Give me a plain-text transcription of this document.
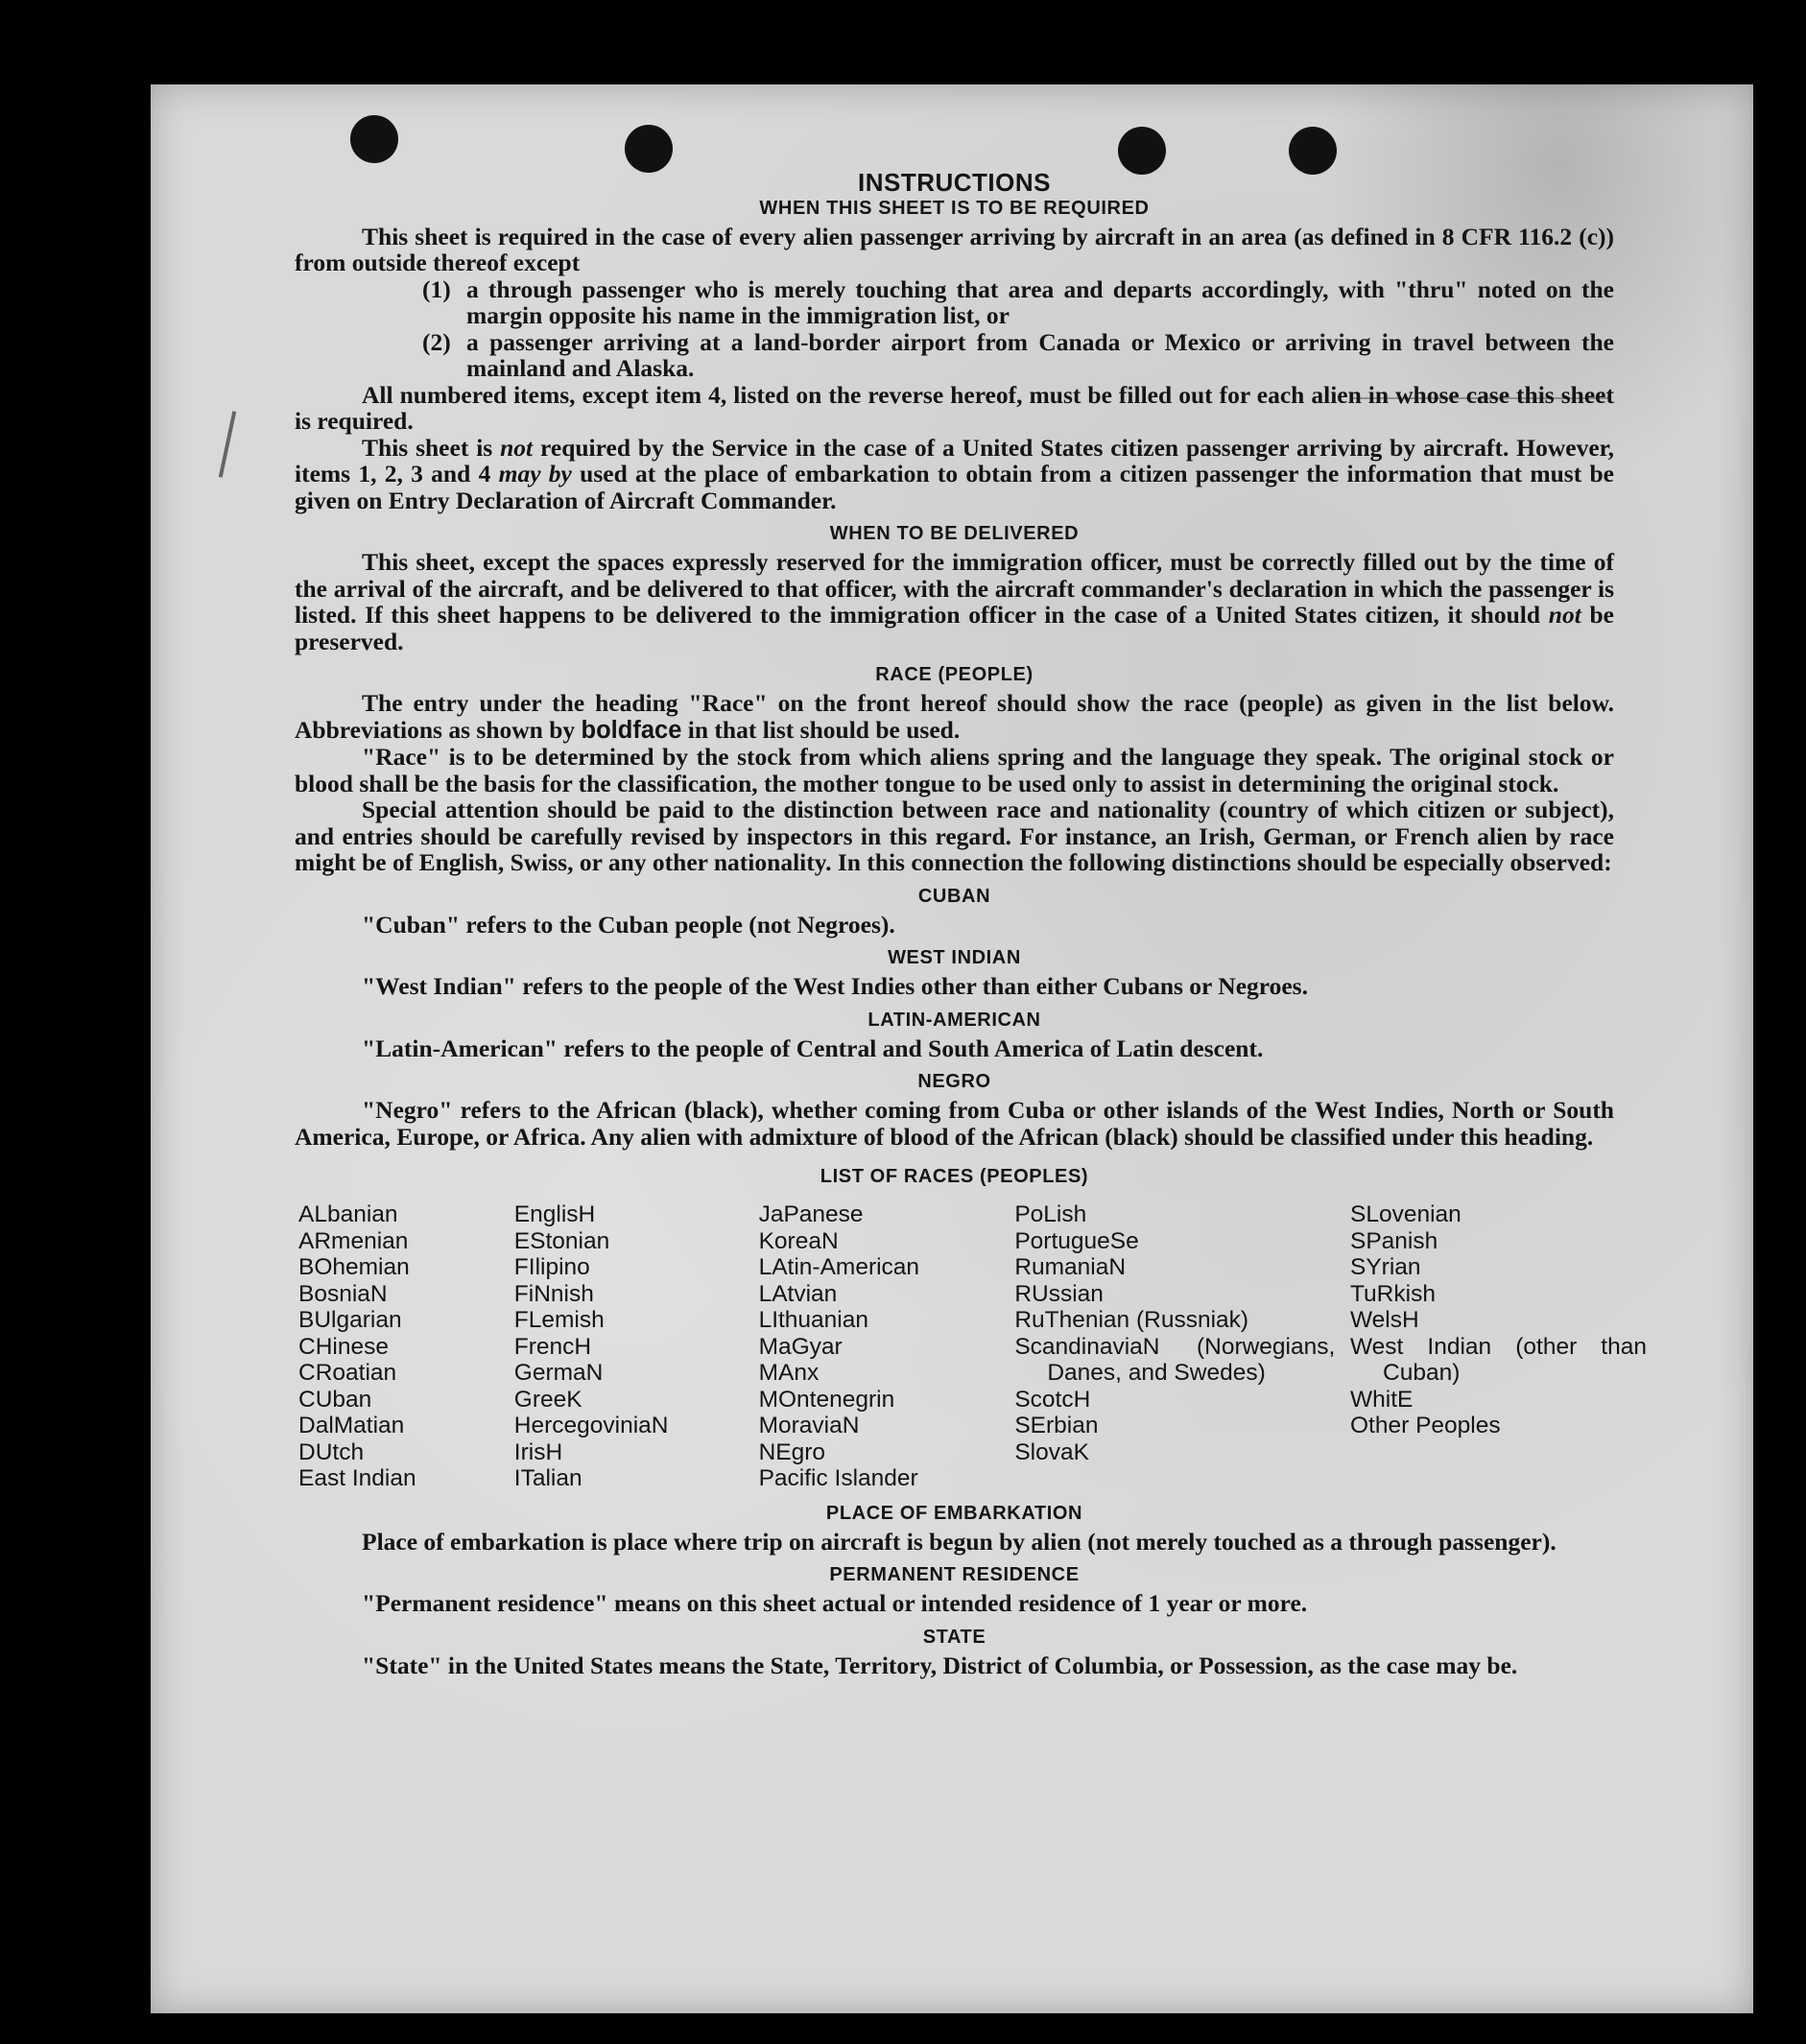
INSTRUCTIONS
WHEN THIS SHEET IS TO BE REQUIRED

This sheet is required in the case of every alien passenger arriving by aircraft in an area (as defined in 8 CFR 116.2 (c)) from outside thereof except

(1) a through passenger who is merely touching that area and departs accordingly, with "thru" noted on the margin opposite his name in the immigration list, or
(2) a passenger arriving at a land-border airport from Canada or Mexico or arriving in travel between the mainland and Alaska.

All numbered items, except item 4, listed on the reverse hereof, must be filled out for each alien in whose case this sheet is required.

This sheet is not required by the Service in the case of a United States citizen passenger arriving by aircraft. However, items 1, 2, 3 and 4 may by used at the place of embarkation to obtain from a citizen passenger the information that must be given on Entry Declaration of Aircraft Commander.

WHEN TO BE DELIVERED

This sheet, except the spaces expressly reserved for the immigration officer, must be correctly filled out by the time of the arrival of the aircraft, and be delivered to that officer, with the aircraft commander's declaration in which the passenger is listed. If this sheet happens to be delivered to the immigration officer in the case of a United States citizen, it should not be preserved.

RACE (PEOPLE)

The entry under the heading "Race" on the front hereof should show the race (people) as given in the list below. Abbreviations as shown by boldface in that list should be used.

"Race" is to be determined by the stock from which aliens spring and the language they speak. The original stock or blood shall be the basis for the classification, the mother tongue to be used only to assist in determining the original stock.

Special attention should be paid to the distinction between race and nationality (country of which citizen or subject), and entries should be carefully revised by inspectors in this regard. For instance, an Irish, German, or French alien by race might be of English, Swiss, or any other nationality. In this connection the following distinctions should be especially observed:

CUBAN
"Cuban" refers to the Cuban people (not Negroes).
WEST INDIAN
"West Indian" refers to the people of the West Indies other than either Cubans or Negroes.
LATIN-AMERICAN
"Latin-American" refers to the people of Central and South America of Latin descent.
NEGRO

"Negro" refers to the African (black), whether coming from Cuba or other islands of the West Indies, North or South America, Europe, or Africa. Any alien with admixture of blood of the African (black) should be classified under this heading.

LIST OF RACES (PEOPLES)
ALbanian
ARmenian
BOhemian
BosniaN
BUlgarian
CHinese
CRoatian
CUban
DalMatian
DUtch
East Indian
EnglisH
EStonian
FIlipino
FiNnish
FLemish
FrencH
GermaN
GreeK
HercegoviniaN
IrisH
ITalian
JaPanese
KoreaN
LAtin-American
LAtvian
LIthuanian
MaGyar
MAnx
MOntenegrin
MoraviaN
NEgro
Pacific Islander
PoLish
PortugueSe
RumaniaN
RUssian
RuThenian (Russniak)
ScandinaviaN (Norwegians, Danes, and Swedes)
ScotcH
SErbian
SlovaK
SLovenian
SPanish
SYrian
TuRkish
WelsH
West Indian (other than Cuban)
WhitE
Other Peoples
PLACE OF EMBARKATION

Place of embarkation is place where trip on aircraft is begun by alien (not merely touched as a through passenger).

PERMANENT RESIDENCE
"Permanent residence" means on this sheet actual or intended residence of 1 year or more.
STATE

"State" in the United States means the State, Territory, District of Columbia, or Possession, as the case may be.
